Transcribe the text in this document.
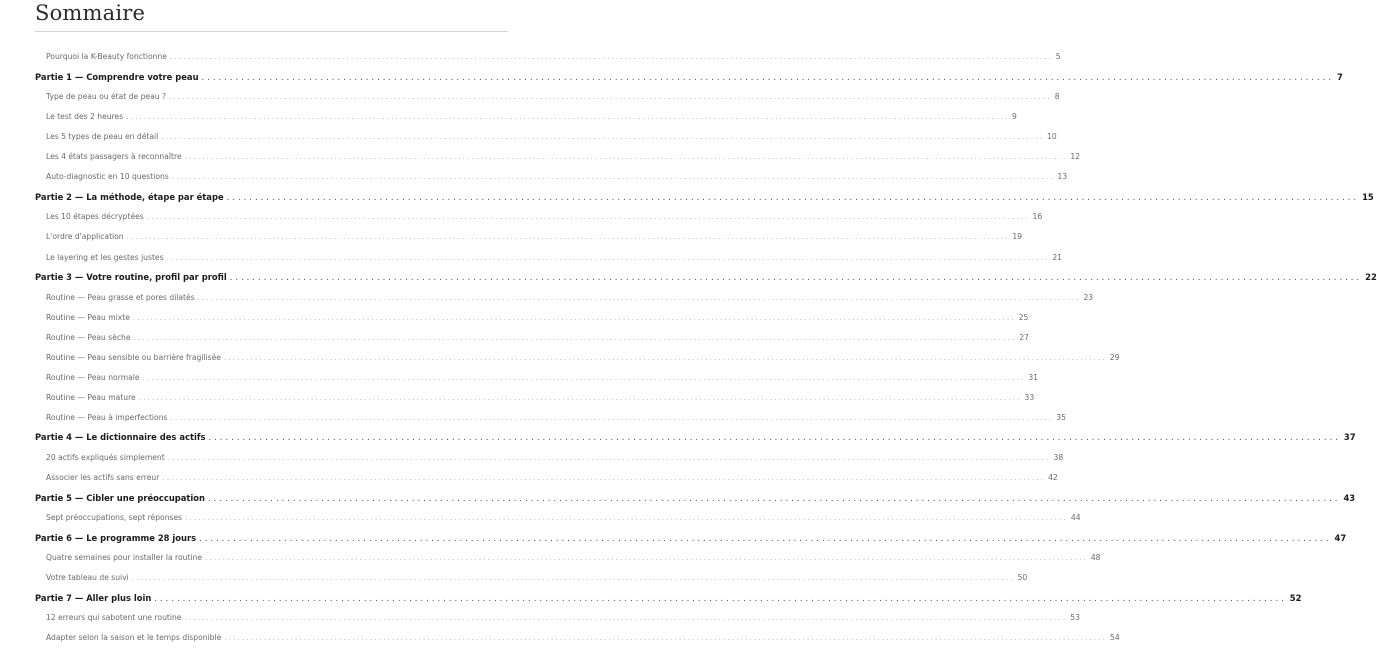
Sommaire
Pourquoi la K-Beauty fonctionne ........................................................................................................................................................................................................ 5
Partie 1 — Comprendre votre peau ........................................................................................................................................................................................................ 7
Type de peau ou état de peau ? ........................................................................................................................................................................................................ 8
Le test des 2 heures ........................................................................................................................................................................................................ 9
Les 5 types de peau en détail ........................................................................................................................................................................................................ 10
Les 4 états passagers à reconnaître ........................................................................................................................................................................................................ 12
Auto-diagnostic en 10 questions ........................................................................................................................................................................................................ 13
Partie 2 — La méthode, étape par étape ........................................................................................................................................................................................................ 15
Les 10 étapes décryptées ........................................................................................................................................................................................................ 16
L'ordre d'application ........................................................................................................................................................................................................ 19
Le layering et les gestes justes ........................................................................................................................................................................................................ 21
Partie 3 — Votre routine, profil par profil ........................................................................................................................................................................................................ 22
Routine — Peau grasse et pores dilatés ........................................................................................................................................................................................................ 23
Routine — Peau mixte ........................................................................................................................................................................................................ 25
Routine — Peau sèche ........................................................................................................................................................................................................ 27
Routine — Peau sensible ou barrière fragilisée ........................................................................................................................................................................................................ 29
Routine — Peau normale ........................................................................................................................................................................................................ 31
Routine — Peau mature ........................................................................................................................................................................................................ 33
Routine — Peau à imperfections ........................................................................................................................................................................................................ 35
Partie 4 — Le dictionnaire des actifs ........................................................................................................................................................................................................ 37
20 actifs expliqués simplement ........................................................................................................................................................................................................ 38
Associer les actifs sans erreur ........................................................................................................................................................................................................ 42
Partie 5 — Cibler une préoccupation ........................................................................................................................................................................................................ 43
Sept préoccupations, sept réponses ........................................................................................................................................................................................................ 44
Partie 6 — Le programme 28 jours ........................................................................................................................................................................................................ 47
Quatre semaines pour installer la routine ........................................................................................................................................................................................................ 48
Votre tableau de suivi ........................................................................................................................................................................................................ 50
Partie 7 — Aller plus loin ........................................................................................................................................................................................................ 52
12 erreurs qui sabotent une routine ........................................................................................................................................................................................................ 53
Adapter selon la saison et le temps disponible ........................................................................................................................................................................................................ 54
